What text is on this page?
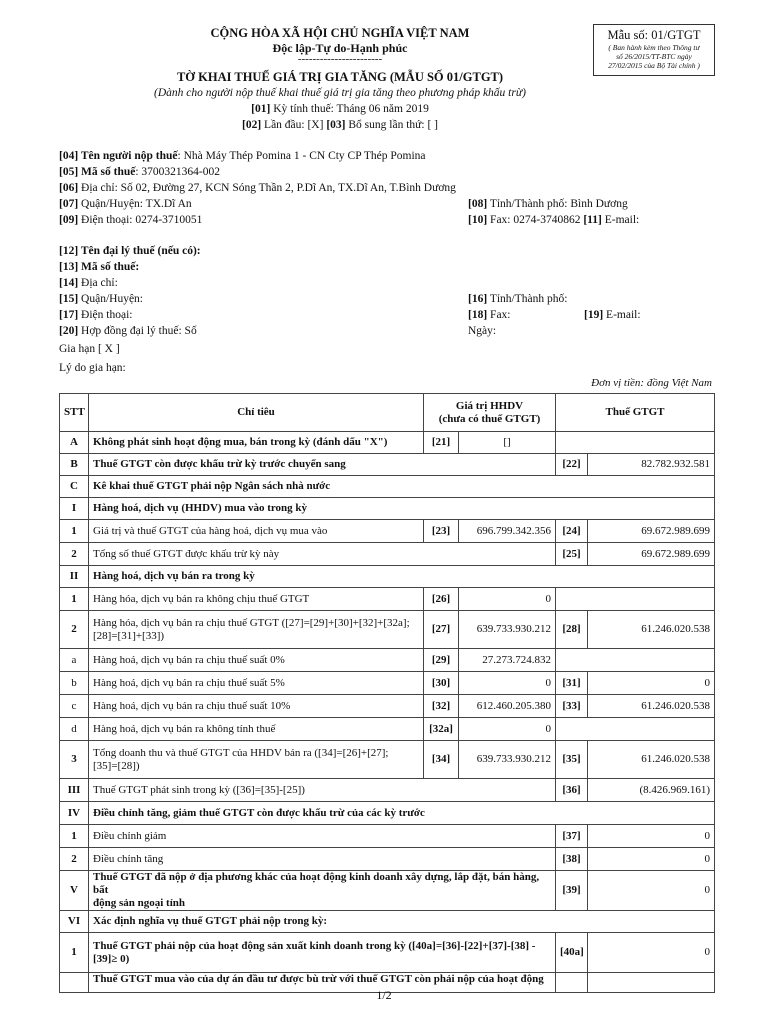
CỘNG HÒA XÃ HỘI CHỦ NGHĨA VIỆT NAM
Độc lập-Tự do-Hạnh phúc
-----------------------
TỜ KHAI THUẾ GIÁ TRỊ GIA TĂNG (MẪU SỐ 01/GTGT)
(Dành cho người nộp thuế khai thuế giá trị gia tăng theo phương pháp khấu trừ)
[01] Kỳ tính thuế: Tháng 06 năm 2019
[02] Lần đầu: [X] [03] Bổ sung lần thứ: [ ]
Mẫu số: 01/GTGT
( Ban hành kèm theo Thông tư
số 26/2015/TT-BTC ngày
27/02/2015 của Bộ Tài chính )
[04] Tên người nộp thuế: Nhà Máy Thép Pomina 1 - CN Cty CP Thép Pomina
[05] Mã số thuế: 3700321364-002
[06] Địa chỉ: Số 02, Đường 27, KCN Sóng Thần 2, P.Dĩ An, TX.Dĩ An, T.Bình Dương
[07] Quận/Huyện: TX.Dĩ An	[08] Tỉnh/Thành phố: Bình Dương
[09] Điện thoại: 0274-3710051	[10] Fax: 0274-3740862 [11] E-mail:
[12] Tên đại lý thuế (nếu có):
[13] Mã số thuế:
[14] Địa chỉ:
[15] Quận/Huyện:	[16] Tỉnh/Thành phố:
[17] Điện thoại:	[18] Fax:	[19] E-mail:
[20] Hợp đồng đại lý thuế: Số	Ngày:
Gia hạn [ X ]
Lý do gia hạn:
Đơn vị tiền: đồng Việt Nam
STT	Chỉ tiêu	Giá trị HHDV
(chưa có thuế GTGT)		Thuế GTGT	
A	Không phát sinh hoạt động mua, bán trong kỳ (đánh dấu "X")	[21]	[]		
B	Thuế GTGT còn được khấu trừ kỳ trước chuyển sang			[22]	82.782.932.581
C	Kê khai thuế GTGT phải nộp Ngân sách nhà nước				
I	Hàng hoá, dịch vụ (HHDV) mua vào trong kỳ				
1	Giá trị và thuế GTGT của hàng hoá, dịch vụ mua vào	[23]	696.799.342.356	[24]	69.672.989.699
2	Tổng số thuế GTGT được khấu trừ kỳ này			[25]	69.672.989.699
II	Hàng hoá, dịch vụ bán ra trong kỳ				
1	Hàng hóa, dịch vụ bán ra không chịu thuế GTGT	[26]	0		
2	Hàng hóa, dịch vụ bán ra chịu thuế GTGT ([27]=[29]+[30]+[32]+[32a];
[28]=[31]+[33])	[27]	639.733.930.212	[28]	61.246.020.538
a	Hàng hoá, dịch vụ bán ra chịu thuế suất 0%	[29]	27.273.724.832		
b	Hàng hoá, dịch vụ bán ra chịu thuế suất 5%	[30]	0	[31]	0
c	Hàng hoá, dịch vụ bán ra chịu thuế suất 10%	[32]	612.460.205.380	[33]	61.246.020.538
d	Hàng hoá, dịch vụ bán ra không tính thuế	[32a]	0		
3	Tổng doanh thu và thuế GTGT của HHDV bán ra ([34]=[26]+[27];
[35]=[28])	[34]	639.733.930.212	[35]	61.246.020.538
III	Thuế GTGT phát sinh trong kỳ ([36]=[35]-[25])			[36]	(8.426.969.161)
IV	Điều chỉnh tăng, giảm thuế GTGT còn được khấu trừ của các kỳ trước				
1	Điều chỉnh giảm			[37]	0
2	Điều chỉnh tăng			[38]	0
V	Thuế GTGT đã nộp ở địa phương khác của hoạt động kinh doanh xây dựng, lắp đặt, bán hàng, bất
động sản ngoại tỉnh			[39]	0
VI	Xác định nghĩa vụ thuế GTGT phải nộp trong kỳ:				
1	Thuế GTGT phải nộp của hoạt động sản xuất kinh doanh trong kỳ ([40a]=[36]-[22]+[37]-[38] -
[39]≥ 0)			[40a]	0
	Thuế GTGT mua vào của dự án đầu tư được bù trừ với thuế GTGT còn phải nộp của hoạt động				
1/2
